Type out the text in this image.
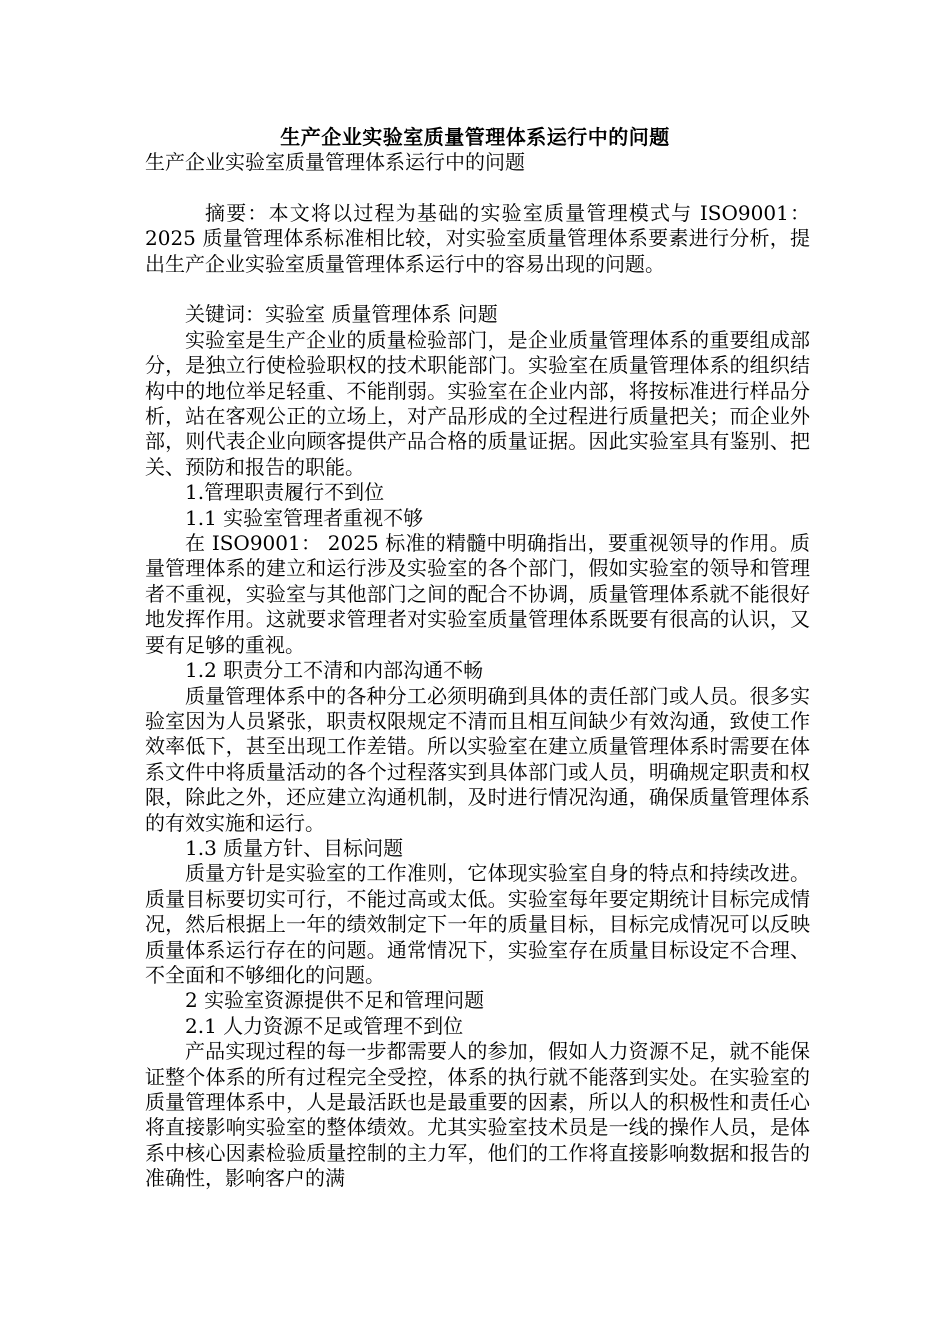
生产企业实验室质量管理体系运行中的问题

生产企业实验室质量管理体系运行中的问题

摘要：本文将以过程为基础的实验室质量管理模式与 ISO9001：2025 质量管理体系标准相比较，对实验室质量管理体系要素进行分析，提出生产企业实验室质量管理体系运行中的容易出现的问题。

关键词：实验室 质量管理体系 问题

实验室是生产企业的质量检验部门，是企业质量管理体系的重要组成部分，是独立行使检验职权的技术职能部门。实验室在质量管理体系的组织结构中的地位举足轻重、不能削弱。实验室在企业内部，将按标准进行样品分析，站在客观公正的立场上，对产品形成的全过程进行质量把关；而企业外部，则代表企业向顾客提供产品合格的质量证据。因此实验室具有鉴别、把关、预防和报告的职能。

1.管理职责履行不到位

1.1 实验室管理者重视不够

在 ISO9001： 2025 标准的精髓中明确指出，要重视领导的作用。质量管理体系的建立和运行涉及实验室的各个部门，假如实验室的领导和管理者不重视，实验室与其他部门之间的配合不协调，质量管理体系就不能很好地发挥作用。这就要求管理者对实验室质量管理体系既要有很高的认识，又要有足够的重视。

1.2 职责分工不清和内部沟通不畅

质量管理体系中的各种分工必须明确到具体的责任部门或人员。很多实验室因为人员紧张，职责权限规定不清而且相互间缺少有效沟通，致使工作效率低下，甚至出现工作差错。所以实验室在建立质量管理体系时需要在体系文件中将质量活动的各个过程落实到具体部门或人员，明确规定职责和权限，除此之外，还应建立沟通机制，及时进行情况沟通，确保质量管理体系的有效实施和运行。

1.3 质量方针、目标问题

质量方针是实验室的工作准则，它体现实验室自身的特点和持续改进。质量目标要切实可行，不能过高或太低。实验室每年要定期统计目标完成情况，然后根据上一年的绩效制定下一年的质量目标，目标完成情况可以反映质量体系运行存在的问题。通常情况下，实验室存在质量目标设定不合理、不全面和不够细化的问题。

2 实验室资源提供不足和管理问题

2.1 人力资源不足或管理不到位

产品实现过程的每一步都需要人的参加，假如人力资源不足，就不能保证整个体系的所有过程完全受控，体系的执行就不能落到实处。在实验室的质量管理体系中，人是最活跃也是最重要的因素，所以人的积极性和责任心将直接影响实验室的整体绩效。尤其实验室技术员是一线的操作人员，是体系中核心因素检验质量控制的主力军，他们的工作将直接影响数据和报告的准确性，影响客户的满
